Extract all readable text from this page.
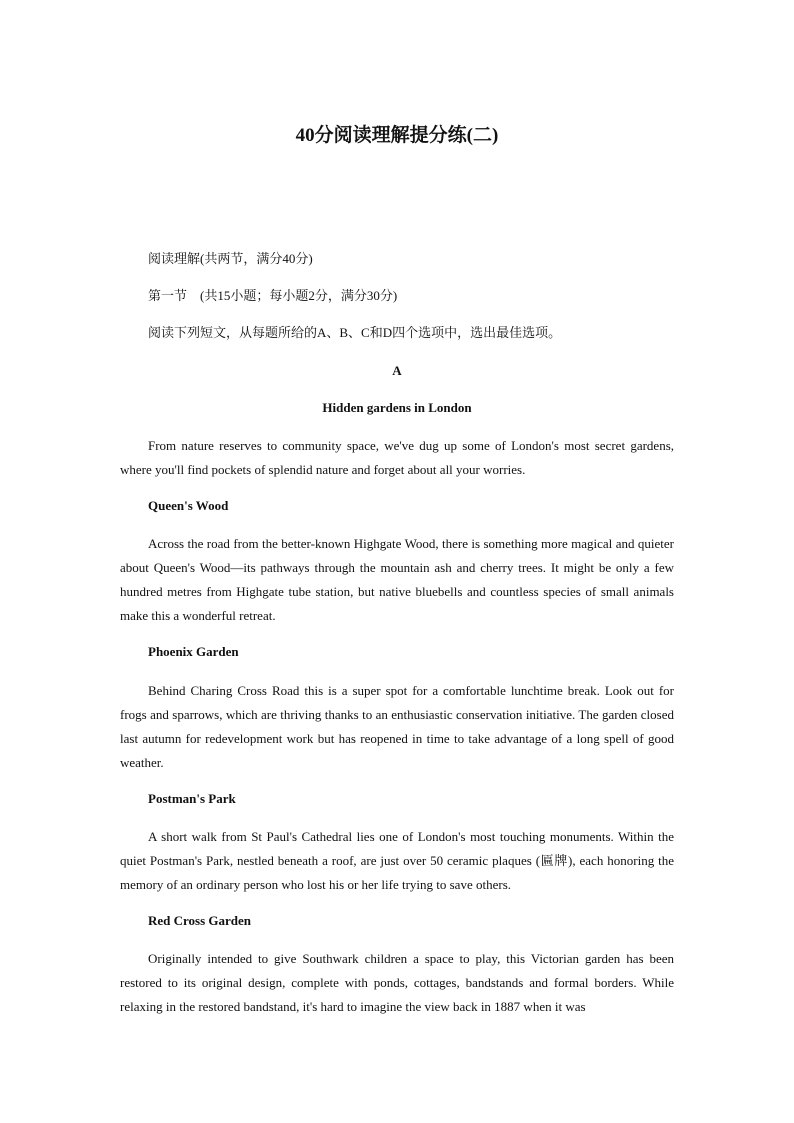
40分阅读理解提分练(二)
阅读理解(共两节，满分40分)
第一节　(共15小题；每小题2分，满分30分)
阅读下列短文，从每题所给的A、B、C和D四个选项中，选出最佳选项。
A
Hidden gardens in London

From nature reserves to community space, we've dug up some of London's most secret gardens, where you'll find pockets of splendid nature and forget about all your worries.

Queen's Wood

Across the road from the better-known Highgate Wood, there is something more magical and quieter about Queen's Wood—its pathways through the mountain ash and cherry trees. It might be only a few hundred metres from Highgate tube station, but native bluebells and countless species of small animals make this a wonderful retreat.

Phoenix Garden

Behind Charing Cross Road this is a super spot for a comfortable lunchtime break. Look out for frogs and sparrows, which are thriving thanks to an enthusiastic conservation initiative. The garden closed last autumn for redevelopment work but has reopened in time to take advantage of a long spell of good weather.

Postman's Park

A short walk from St Paul's Cathedral lies one of London's most touching monuments. Within the quiet Postman's Park, nestled beneath a roof, are just over 50 ceramic plaques (匾牌), each honoring the memory of an ordinary person who lost his or her life trying to save others.

Red Cross Garden

Originally intended to give Southwark children a space to play, this Victorian garden has been restored to its original design, complete with ponds, cottages, bandstands and formal borders. While relaxing in the restored bandstand, it's hard to imagine the view back in 1887 when it was
